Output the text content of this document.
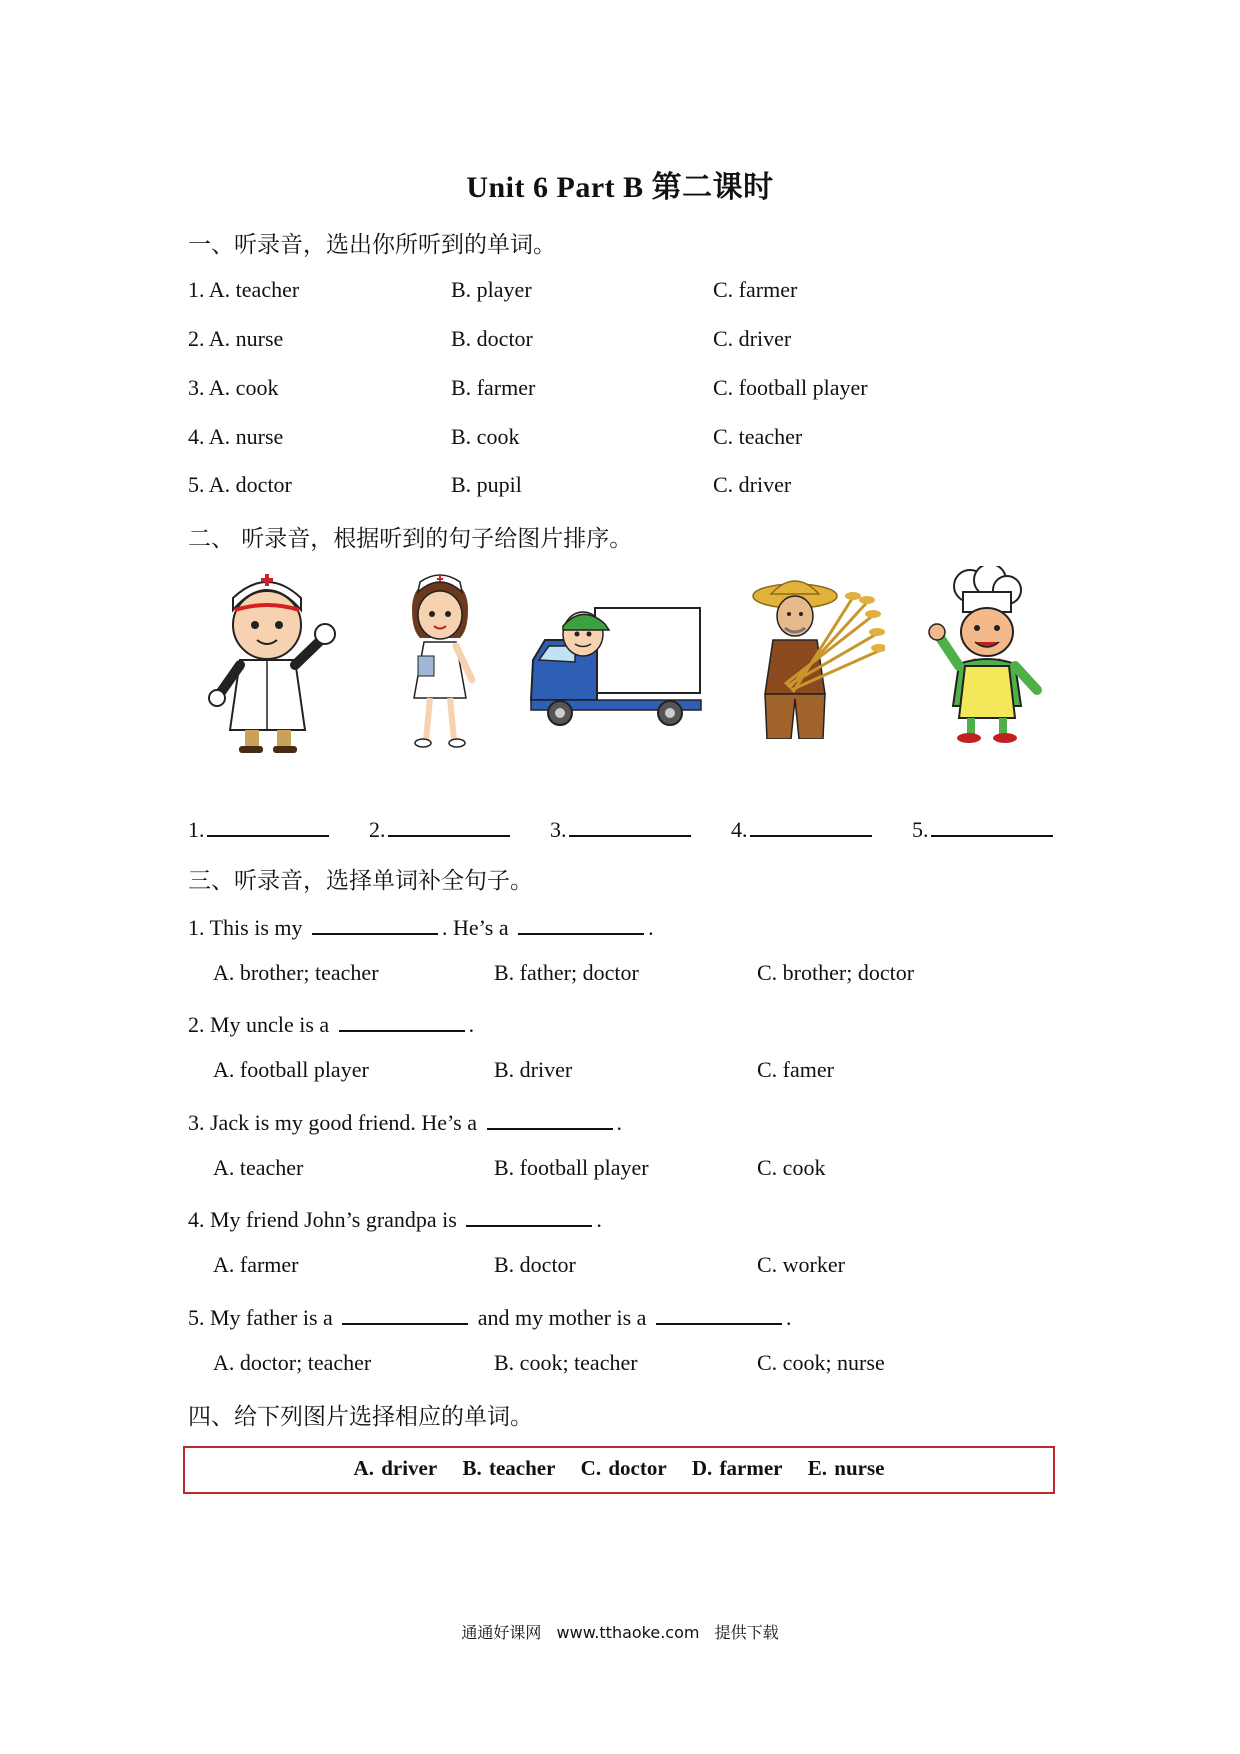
Unit 6 Part B 第二课时
一、听录音，选出你所听到的单词。
1. A. teacher	B. player	C. farmer
2. A. nurse	B. doctor	C. driver
3. A. cook	B. farmer	C. football player
4. A. nurse	B. cook	C. teacher
5. A. doctor	B. pupil	C. driver
二、 听录音，根据听到的句子给图片排序。
1.	2.	3.	4.	5.
三、听录音，选择单词补全句子。
1. This is my	. He’s a	.
A. brother; teacher	B. father; doctor	C. brother; doctor
2. My uncle is a	.
A. football player	B. driver	C. famer
3. Jack is my good friend. He’s a	.
A. teacher	B. football player	C. cook
4. My friend John’s grandpa is	.
A. farmer	B. doctor	C. worker
5. My father is a	and my mother is a	.
A. doctor; teacher	B. cook; teacher	C. cook; nurse
四、给下列图片选择相应的单词。
A. driver B. teacher C. doctor D. farmer E. nurse
通通好课网 www.tthaoke.com 提供下载
